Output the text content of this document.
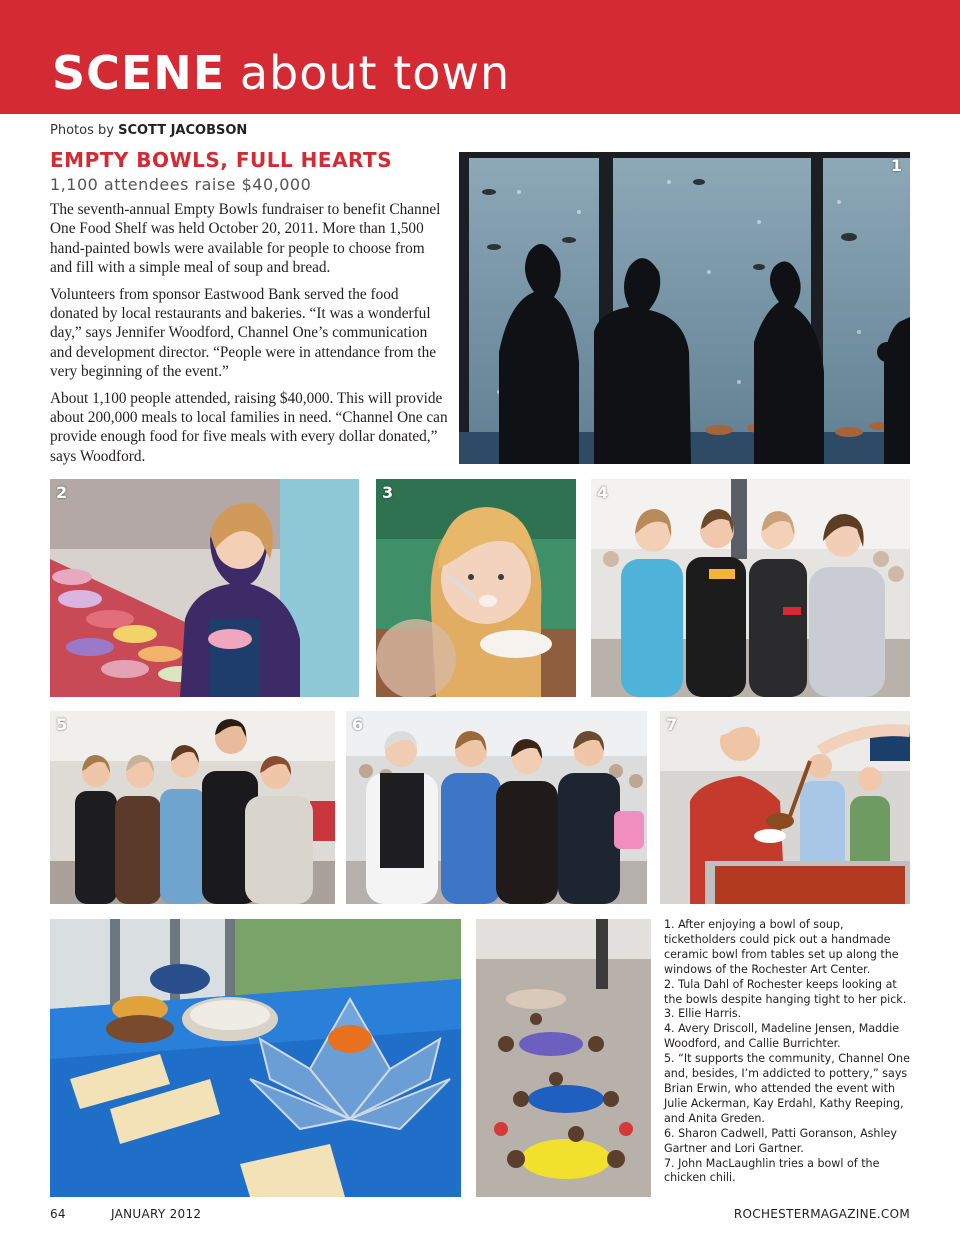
SCENE about town
Photos by SCOTT JACOBSON
EMPTY BOWLS, FULL HEARTS
1,100 attendees raise $40,000

The seventh-annual Empty Bowls fundraiser to benefit Channel One Food Shelf was held October 20, 2011. More than 1,500 hand-painted bowls were available for people to choose from and fill with a simple meal of soup and bread.

Volunteers from sponsor Eastwood Bank served the food donated by local restaurants and bakeries. “It was a wonderful day,” says Jennifer Woodford, Channel One’s communication and development director. “People were in attendance from the very beginning of the event.”

About 1,100 people attended, raising $40,000. This will provide about 200,000 meals to local families in need. “Channel One can provide enough food for five meals with every dollar donated,” says Woodford.

1
2	3	4
5	6	7
1. After enjoying a bowl of soup, ticketholders could pick out a handmade ceramic bowl from tables set up along the windows of the Rochester Art Center.
2. Tula Dahl of Rochester keeps looking at the bowls despite hanging tight to her pick.
3. Ellie Harris.
4. Avery Driscoll, Madeline Jensen, Maddie Woodford, and Callie Burrichter.
5. “It supports the community, Channel One and, besides, I’m addicted to pottery,” says Brian Erwin, who attended the event with Julie Ackerman, Kay Erdahl, Kathy Reeping, and Anita Greden.
6. Sharon Cadwell, Patti Goranson, Ashley Gartner and Lori Gartner.
7. John MacLaughlin tries a bowl of the chicken chili.
64	JANUARY 2012	ROCHESTERMAGAZINE.COM
